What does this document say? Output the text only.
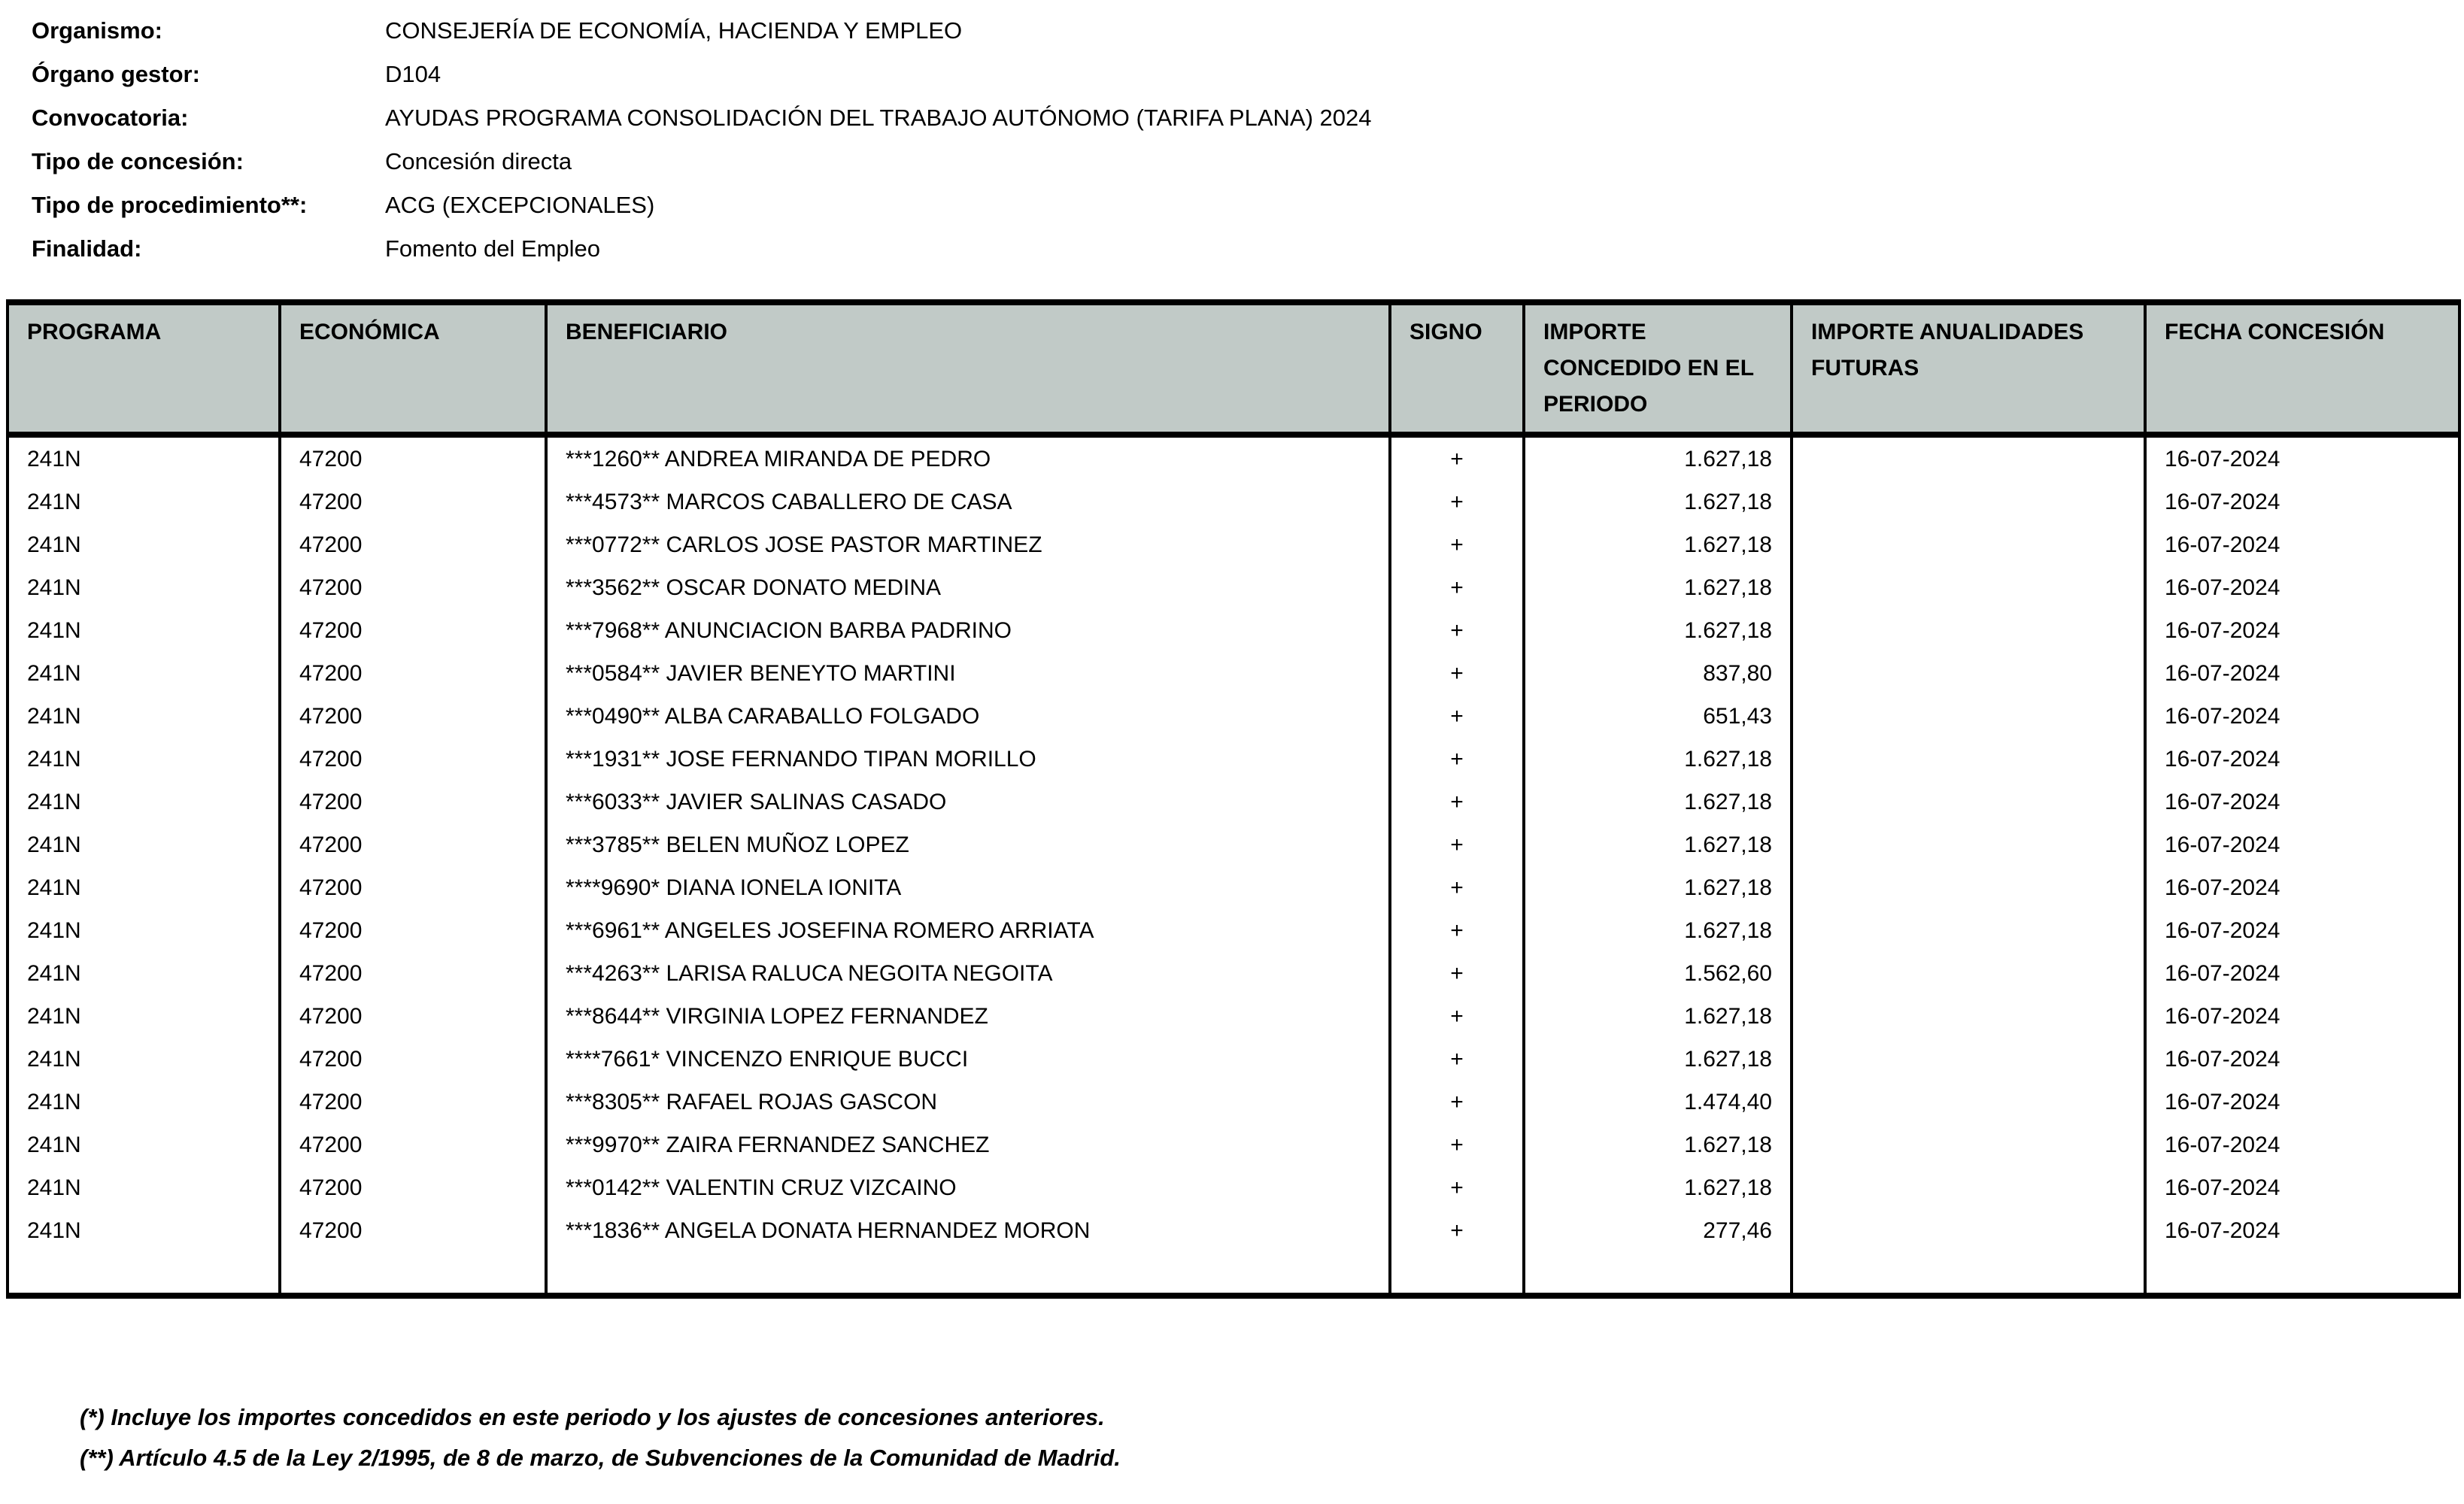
Organismo:	CONSEJERÍA DE ECONOMÍA, HACIENDA Y EMPLEO
Órgano gestor:	D104
Convocatoria:	AYUDAS PROGRAMA CONSOLIDACIÓN DEL TRABAJO AUTÓNOMO (TARIFA PLANA) 2024
Tipo de concesión:	Concesión directa
Tipo de procedimiento**:	ACG (EXCEPCIONALES)
Finalidad:	Fomento del Empleo
PROGRAMA	ECONÓMICA	BENEFICIARIO	SIGNO	IMPORTE CONCEDIDO EN EL PERIODO	IMPORTE ANUALIDADES FUTURAS	FECHA CONCESIÓN
241N	47200	***1260** ANDREA MIRANDA DE PEDRO	+	1.627,18		16-07-2024
241N	47200	***4573** MARCOS CABALLERO DE CASA	+	1.627,18		16-07-2024
241N	47200	***0772** CARLOS JOSE PASTOR MARTINEZ	+	1.627,18		16-07-2024
241N	47200	***3562** OSCAR DONATO MEDINA	+	1.627,18		16-07-2024
241N	47200	***7968** ANUNCIACION BARBA PADRINO	+	1.627,18		16-07-2024
241N	47200	***0584** JAVIER BENEYTO MARTINI	+	837,80		16-07-2024
241N	47200	***0490** ALBA CARABALLO FOLGADO	+	651,43		16-07-2024
241N	47200	***1931** JOSE FERNANDO TIPAN MORILLO	+	1.627,18		16-07-2024
241N	47200	***6033** JAVIER SALINAS CASADO	+	1.627,18		16-07-2024
241N	47200	***3785** BELEN MUÑOZ LOPEZ	+	1.627,18		16-07-2024
241N	47200	****9690* DIANA IONELA IONITA	+	1.627,18		16-07-2024
241N	47200	***6961** ANGELES JOSEFINA ROMERO ARRIATA	+	1.627,18		16-07-2024
241N	47200	***4263** LARISA RALUCA NEGOITA NEGOITA	+	1.562,60		16-07-2024
241N	47200	***8644** VIRGINIA LOPEZ FERNANDEZ	+	1.627,18		16-07-2024
241N	47200	****7661* VINCENZO ENRIQUE BUCCI	+	1.627,18		16-07-2024
241N	47200	***8305** RAFAEL ROJAS GASCON	+	1.474,40		16-07-2024
241N	47200	***9970** ZAIRA FERNANDEZ SANCHEZ	+	1.627,18		16-07-2024
241N	47200	***0142** VALENTIN CRUZ VIZCAINO	+	1.627,18		16-07-2024
241N	47200	***1836** ANGELA DONATA HERNANDEZ MORON	+	277,46		16-07-2024

(*) Incluye los importes concedidos en este periodo y los ajustes de concesiones anteriores.
(**) Artículo 4.5 de la Ley 2/1995, de 8 de marzo, de Subvenciones de la Comunidad de Madrid.
